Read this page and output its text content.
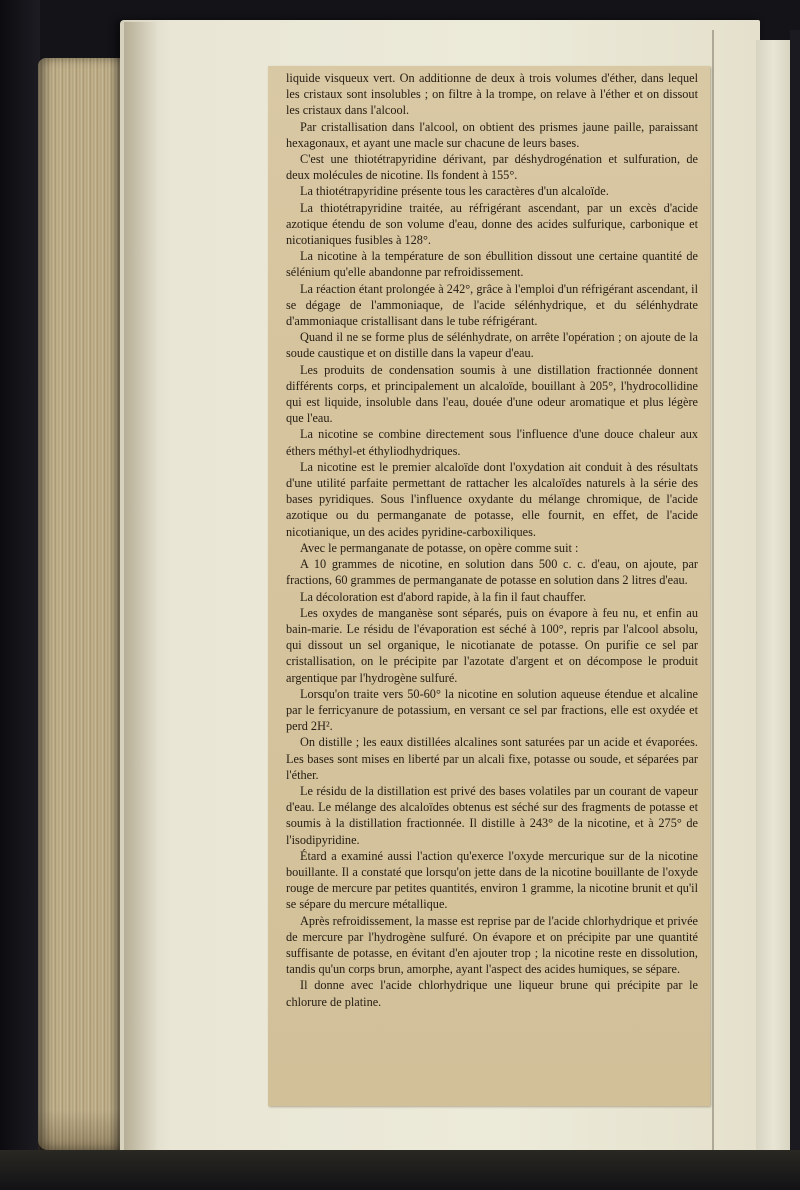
liquide visqueux vert. On additionne de deux à trois volumes d'éther, dans lequel les cristaux sont insolubles ; on filtre à la trompe, on relave à l'éther et on dissout les cristaux dans l'alcool.

Par cristallisation dans l'alcool, on obtient des prismes jaune paille, paraissant hexagonaux, et ayant une macle sur chacune de leurs bases.

C'est une thiotétrapyridine dérivant, par déshydrogénation et sulfuration, de deux molécules de nicotine. Ils fondent à 155°.

La thiotétrapyridine présente tous les caractères d'un alcaloïde.

La thiotétrapyridine traitée, au réfrigérant ascendant, par un excès d'acide azotique étendu de son volume d'eau, donne des acides sulfurique, carbonique et nicotianiques fusibles à 128°.

La nicotine à la température de son ébullition dissout une certaine quantité de sélénium qu'elle abandonne par refroidissement.

La réaction étant prolongée à 242°, grâce à l'emploi d'un réfrigérant ascendant, il se dégage de l'ammoniaque, de l'acide sélénhydrique, et du sélénhydrate d'ammoniaque cristallisant dans le tube réfrigérant.

Quand il ne se forme plus de sélénhydrate, on arrête l'opération ; on ajoute de la soude caustique et on distille dans la vapeur d'eau.

Les produits de condensation soumis à une distillation fractionnée donnent différents corps, et principalement un alcaloïde, bouillant à 205°, l'hydrocollidine qui est liquide, insoluble dans l'eau, douée d'une odeur aromatique et plus légère que l'eau.

La nicotine se combine directement sous l'influence d'une douce chaleur aux éthers méthyl-et éthyliodhydriques.

La nicotine est le premier alcaloïde dont l'oxydation ait conduit à des résultats d'une utilité parfaite permettant de rattacher les alcaloïdes naturels à la série des bases pyridiques. Sous l'influence oxydante du mélange chromique, de l'acide azotique ou du permanganate de potasse, elle fournit, en effet, de l'acide nicotianique, un des acides pyridine-carboxiliques.

Avec le permanganate de potasse, on opère comme suit :

A 10 grammes de nicotine, en solution dans 500 c. c. d'eau, on ajoute, par fractions, 60 grammes de permanganate de potasse en solution dans 2 litres d'eau.

La décoloration est d'abord rapide, à la fin il faut chauffer.

Les oxydes de manganèse sont séparés, puis on évapore à feu nu, et enfin au bain-marie. Le résidu de l'évaporation est séché à 100°, repris par l'alcool absolu, qui dissout un sel organique, le nicotianate de potasse. On purifie ce sel par cristallisation, on le précipite par l'azotate d'argent et on décompose le produit argentique par l'hydrogène sulfuré.

Lorsqu'on traite vers 50-60° la nicotine en solution aqueuse étendue et alcaline par le ferricyanure de potassium, en versant ce sel par fractions, elle est oxydée et perd 2H².

On distille ; les eaux distillées alcalines sont saturées par un acide et évaporées. Les bases sont mises en liberté par un alcali fixe, potasse ou soude, et séparées par l'éther.

Le résidu de la distillation est privé des bases volatiles par un courant de vapeur d'eau. Le mélange des alcaloïdes obtenus est séché sur des fragments de potasse et soumis à la distillation fractionnée. Il distille à 243° de la nicotine, et à 275° de l'isodipyridine.

Étard a examiné aussi l'action qu'exerce l'oxyde mercurique sur de la nicotine bouillante. Il a constaté que lorsqu'on jette dans de la nicotine bouillante de l'oxyde rouge de mercure par petites quantités, environ 1 gramme, la nicotine brunit et qu'il se sépare du mercure métallique.

Après refroidissement, la masse est reprise par de l'acide chlorhydrique et privée de mercure par l'hydrogène sulfuré. On évapore et on précipite par une quantité suffisante de potasse, en évitant d'en ajouter trop ; la nicotine reste en dissolution, tandis qu'un corps brun, amorphe, ayant l'aspect des acides humiques, se sépare.

Il donne avec l'acide chlorhydrique une liqueur brune qui précipite par le chlorure de platine.
